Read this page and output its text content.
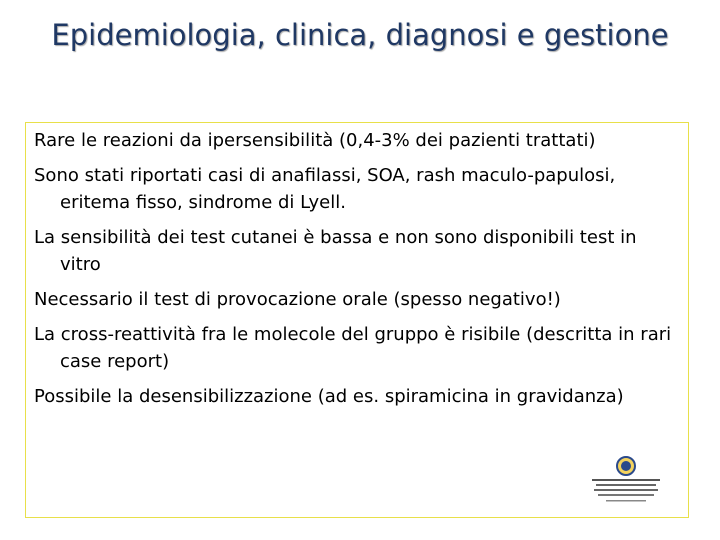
Epidemiologia, clinica, diagnosi e gestione
Rare le reazioni da ipersensibilità (0,4-3% dei pazienti trattati)
Sono stati riportati casi di anafilassi, SOA, rash maculo-papulosi, eritema fisso, sindrome di Lyell.
La sensibilità dei test cutanei è bassa e non sono disponibili test in vitro
Necessario il test di provocazione orale (spesso negativo!)
La cross-reattività fra le molecole del gruppo è risibile (descritta in rari case report)
Possibile la desensibilizzazione (ad es. spiramicina in gravidanza)
